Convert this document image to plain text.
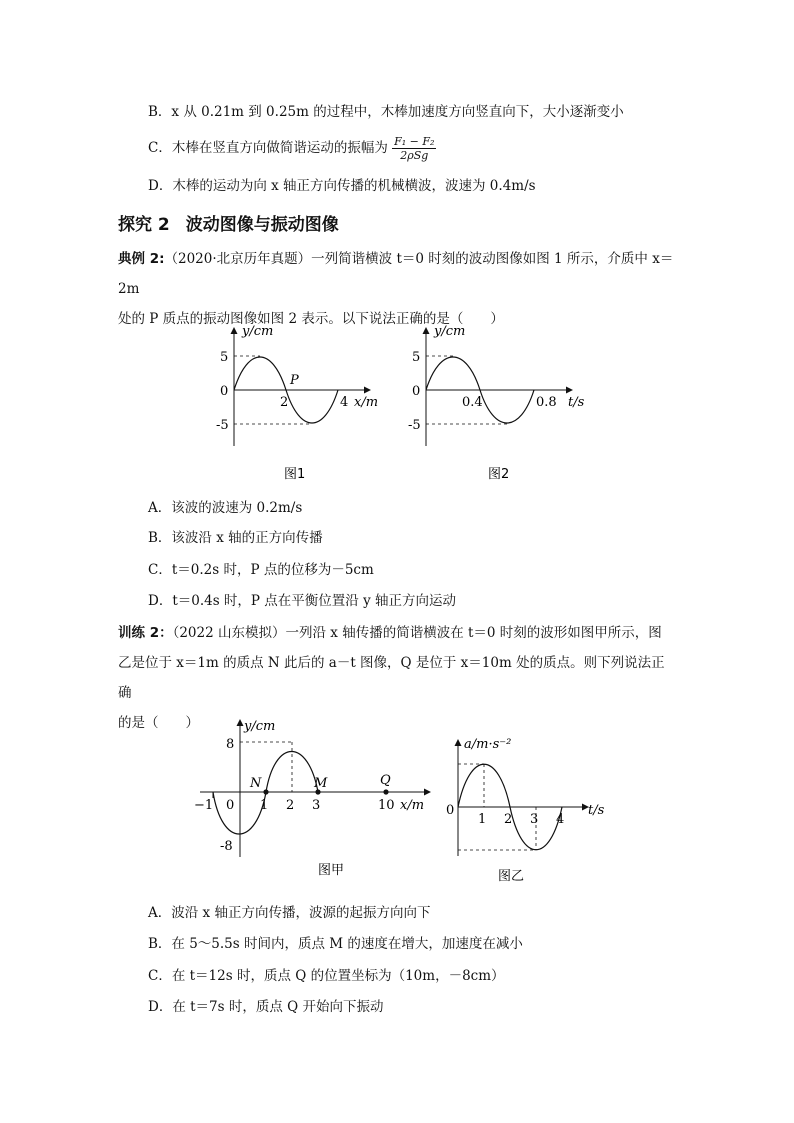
B．x 从 0.21m 到 0.25m 的过程中，木棒加速度方向竖直向下，大小逐渐变小
C．木棒在竖直方向做简谐运动的振幅为 $\frac{\text{F₁ − F₂}}{\text{2ρSg}}$
D．木棒的运动为向 x 轴正方向传播的机械横波，波速为 0.4m/s
探究 2 波动图像与振动图像
典例 2:（2020·北京历年真题）一列简谐横波 t＝0 时刻的波动图像如图 1 所示，介质中 x＝2m
处的 P 质点的振动图像如图 2 表示。以下说法正确的是（　　）
y/cm
5
0
-5
2	4 x/m
P
图1
y/cm
5
0
-5
0.4	0.8 t/s
图2
A．该波的波速为 0.2m/s
B．该波沿 x 轴的正方向传播
C．t＝0.2s 时，P 点的位移为－5cm
D．t＝0.4s 时，P 点在平衡位置沿 y 轴正方向运动
训练 2：（2022 山东模拟）一列沿 x 轴传播的简谐横波在 t＝0 时刻的波形如图甲所示，图
乙是位于 x＝1m 的质点 N 此后的 a－t 图像，Q 是位于 x＝10m 处的质点。则下列说法正确
的是（　　）	y/cm
8
-8
−1 0 1 2 3	10 x/m
N	M	Q
图甲
a/m·s⁻²
0
1 2 3 4
t/s
图乙
A．波沿 x 轴正方向传播，波源的起振方向向下
B．在 5～5.5s 时间内，质点 M 的速度在增大，加速度在减小
C．在 t＝12s 时，质点 Q 的位置坐标为（10m，－8cm）
D．在 t＝7s 时，质点 Q 开始向下振动
